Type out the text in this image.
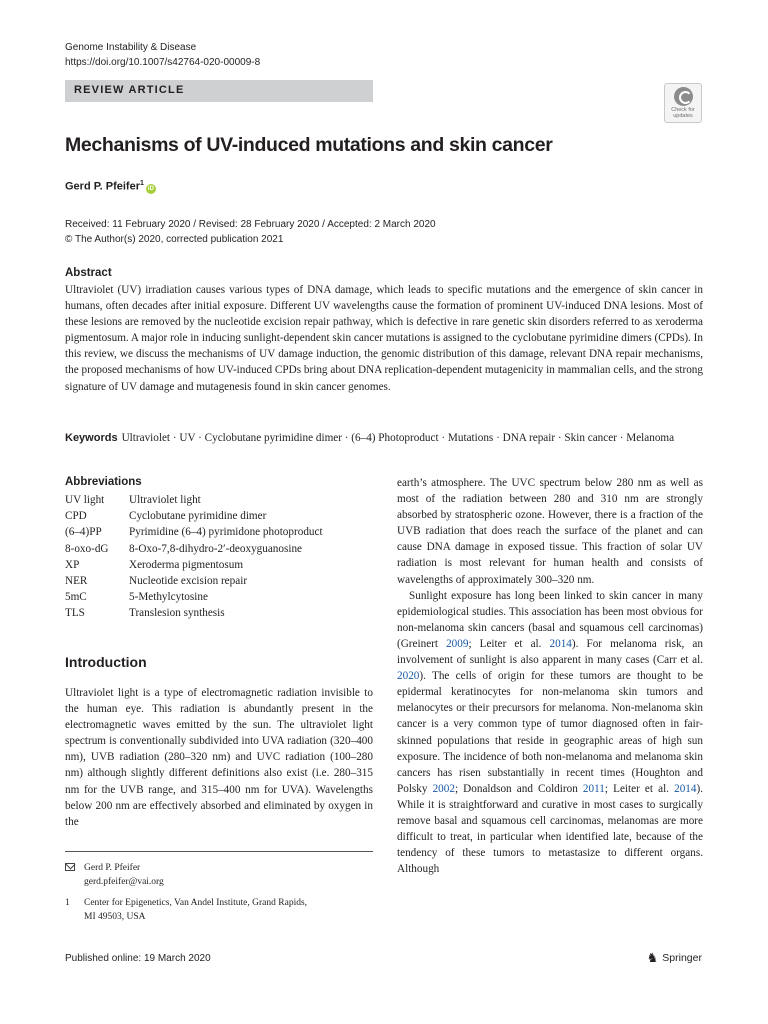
Genome Instability & Disease
https://doi.org/10.1007/s42764-020-00009-8
REVIEW ARTICLE
Check for updates
Mechanisms of UV-induced mutations and skin cancer
Gerd P. Pfeifer$^1$iD
Received: 11 February 2020 / Revised: 28 February 2020 / Accepted: 2 March 2020
© The Author(s) 2020, corrected publication 2021
Abstract

Ultraviolet (UV) irradiation causes various types of DNA damage, which leads to specific mutations and the emergence of skin cancer in humans, often decades after initial exposure. Different UV wavelengths cause the formation of prominent UV-induced DNA lesions. Most of these lesions are removed by the nucleotide excision repair pathway, which is defective in rare genetic skin disorders referred to as xeroderma pigmentosum. A major role in inducing sunlight-dependent skin cancer mutations is assigned to the cyclobutane pyrimidine dimers (CPDs). In this review, we discuss the mechanisms of UV damage induction, the genomic distribution of this damage, relevant DNA repair mechanisms, the proposed mechanisms of how UV-induced CPDs bring about DNA replication-dependent mutagenicity in mammalian cells, and the strong signature of UV damage and mutagenesis found in skin cancer genomes.

Keywords Ultraviolet · UV · Cyclobutane pyrimidine dimer · (6–4) Photoproduct · Mutations · DNA repair · Skin cancer · Melanoma
Abbreviations
UV light	Ultraviolet light
CPD	Cyclobutane pyrimidine dimer
(6–4)PP	Pyrimidine (6–4) pyrimidone photoproduct
8-oxo-dG	8-Oxo-7,8-dihydro-2′-deoxyguanosine
XP	Xeroderma pigmentosum
NER	Nucleotide excision repair
5mC	5-Methylcytosine
TLS	Translesion synthesis
Introduction

Ultraviolet light is a type of electromagnetic radiation invisible to the human eye. This radiation is abundantly present in the electromagnetic waves emitted by the sun. The ultraviolet light spectrum is conventionally subdivided into UVA radiation (320–400 nm), UVB radiation (280–320 nm) and UVC radiation (100–280 nm) although slightly different definitions also exist (i.e. 280–315 nm for the UVB range, and 315–400 nm for UVA). Wavelengths below 200 nm are effectively absorbed and eliminated by oxygen in the

earth’s atmosphere. The UVC spectrum below 280 nm as well as most of the radiation between 280 and 310 nm are strongly absorbed by stratospheric ozone. However, there is a fraction of the UVB radiation that does reach the surface of the planet and can cause DNA damage in exposed tissue. This fraction of solar UV radiation is most relevant for human health and consists of wavelengths of approximately 300–320 nm.

Sunlight exposure has long been linked to skin cancer in many epidemiological studies. This association has been most obvious for non-melanoma skin cancers (basal and squamous cell carcinomas) (Greinert 2009; Leiter et al. 2014). For melanoma risk, an involvement of sunlight is also apparent in many cases (Carr et al. 2020). The cells of origin for these tumors are thought to be epidermal keratinocytes for non-melanoma skin tumors and melanocytes or their precursors for melanoma. Non-melanoma skin cancer is a very common type of tumor diagnosed often in fair-skinned populations that reside in geographic areas of high sun exposure. The incidence of both non-melanoma and melanoma skin cancers has risen substantially in recent times (Houghton and Polsky 2002; Donaldson and Coldiron 2011; Leiter et al. 2014). While it is straightforward and curative in most cases to surgically remove basal and squamous cell carcinomas, melanomas are more difficult to treat, in particular when identified late, because of the tendency of these tumors to metastasize to different organs. Although

Gerd P. Pfeifer
gerd.pfeifer@vai.org
1	Center for Epigenetics, Van Andel Institute, Grand Rapids,
MI 49503, USA
Published online: 19 March 2020	♞ Springer
